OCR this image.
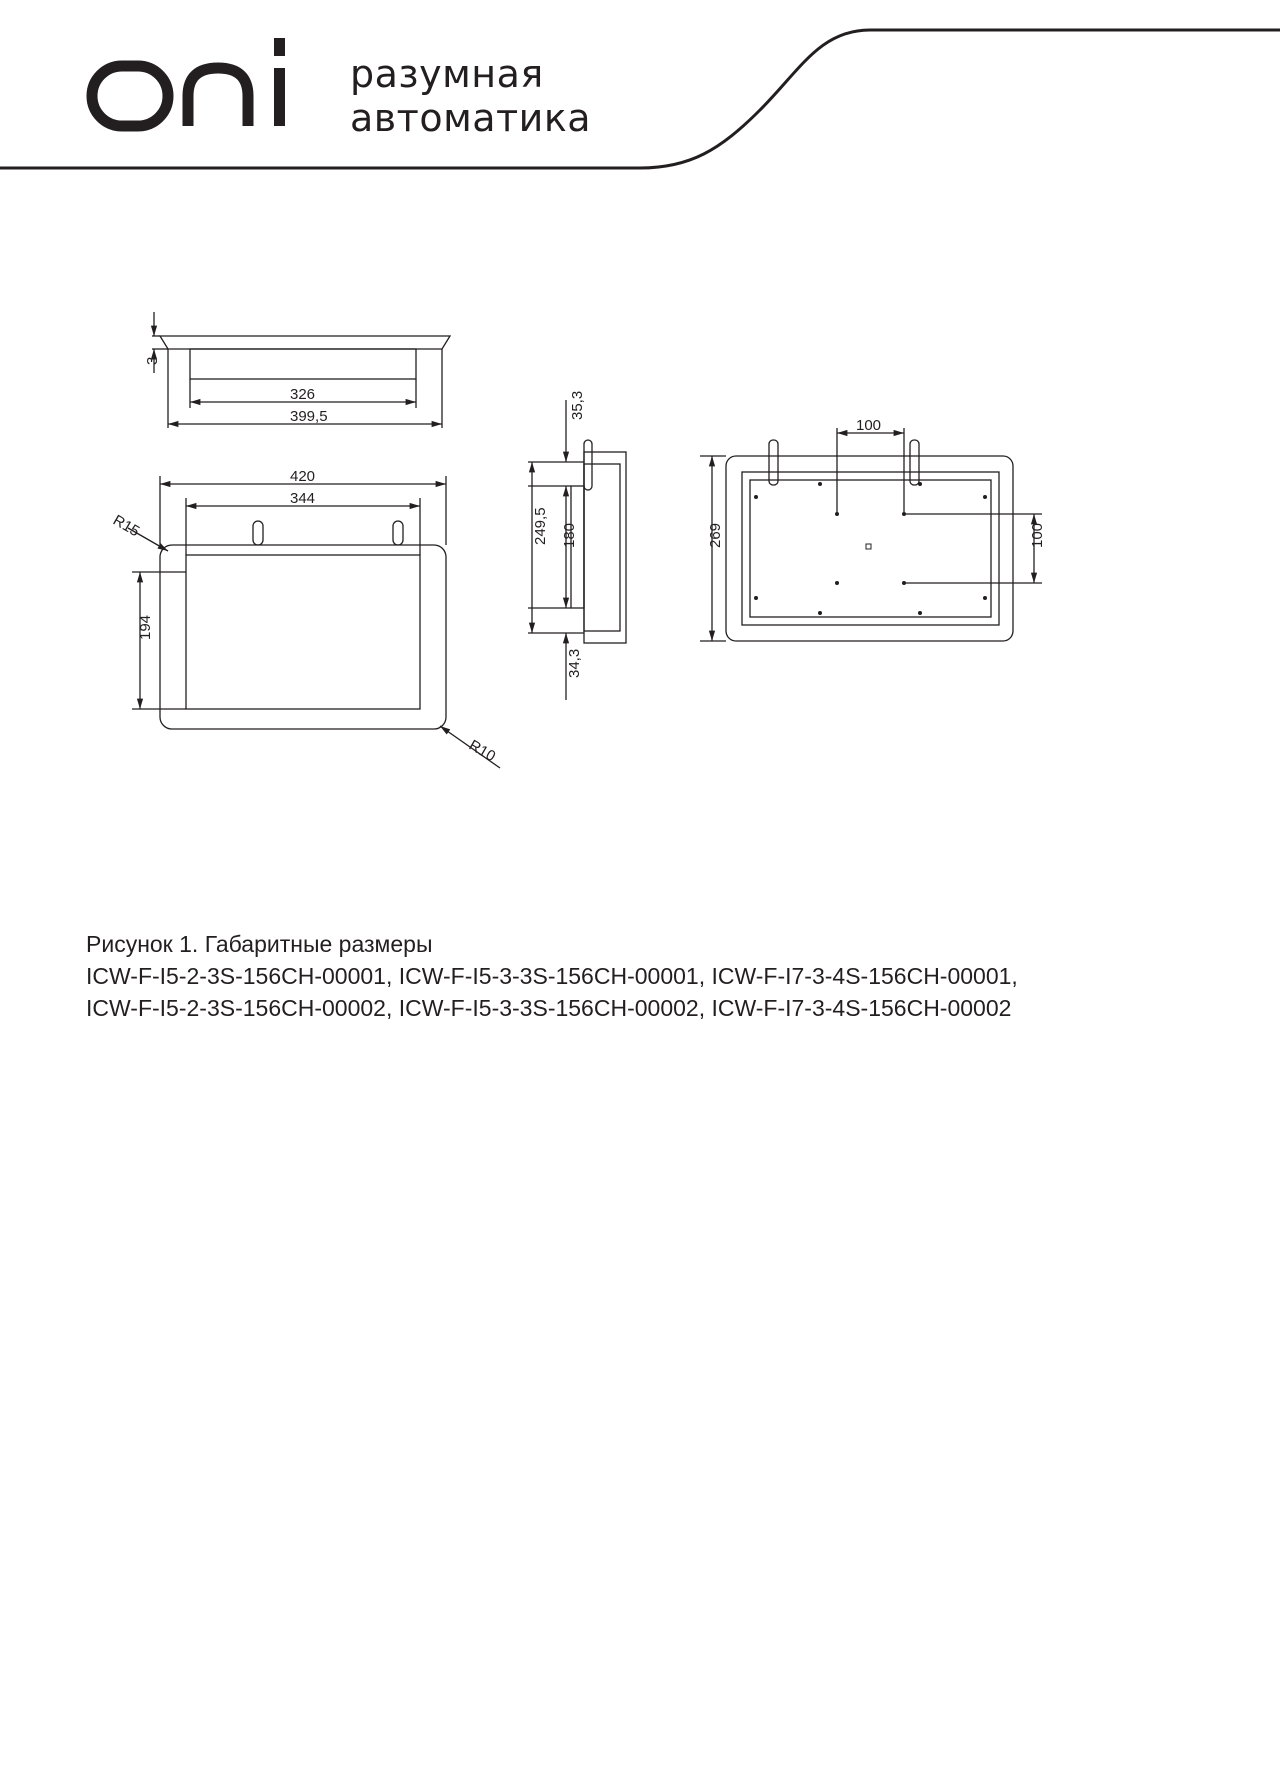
разумная
автоматика
3
326
399,5
420
344
194
R15
R10
35,3
249,5 180
34,3
269
100
100
Рисунок 1. Габаритные размеры
ICW-F-I5-2-3S-156CH-00001, ICW-F-I5-3-3S-156CH-00001, ICW-F-I7-3-4S-156CH-00001,
ICW-F-I5-2-3S-156CH-00002, ICW-F-I5-3-3S-156CH-00002, ICW-F-I7-3-4S-156CH-00002
